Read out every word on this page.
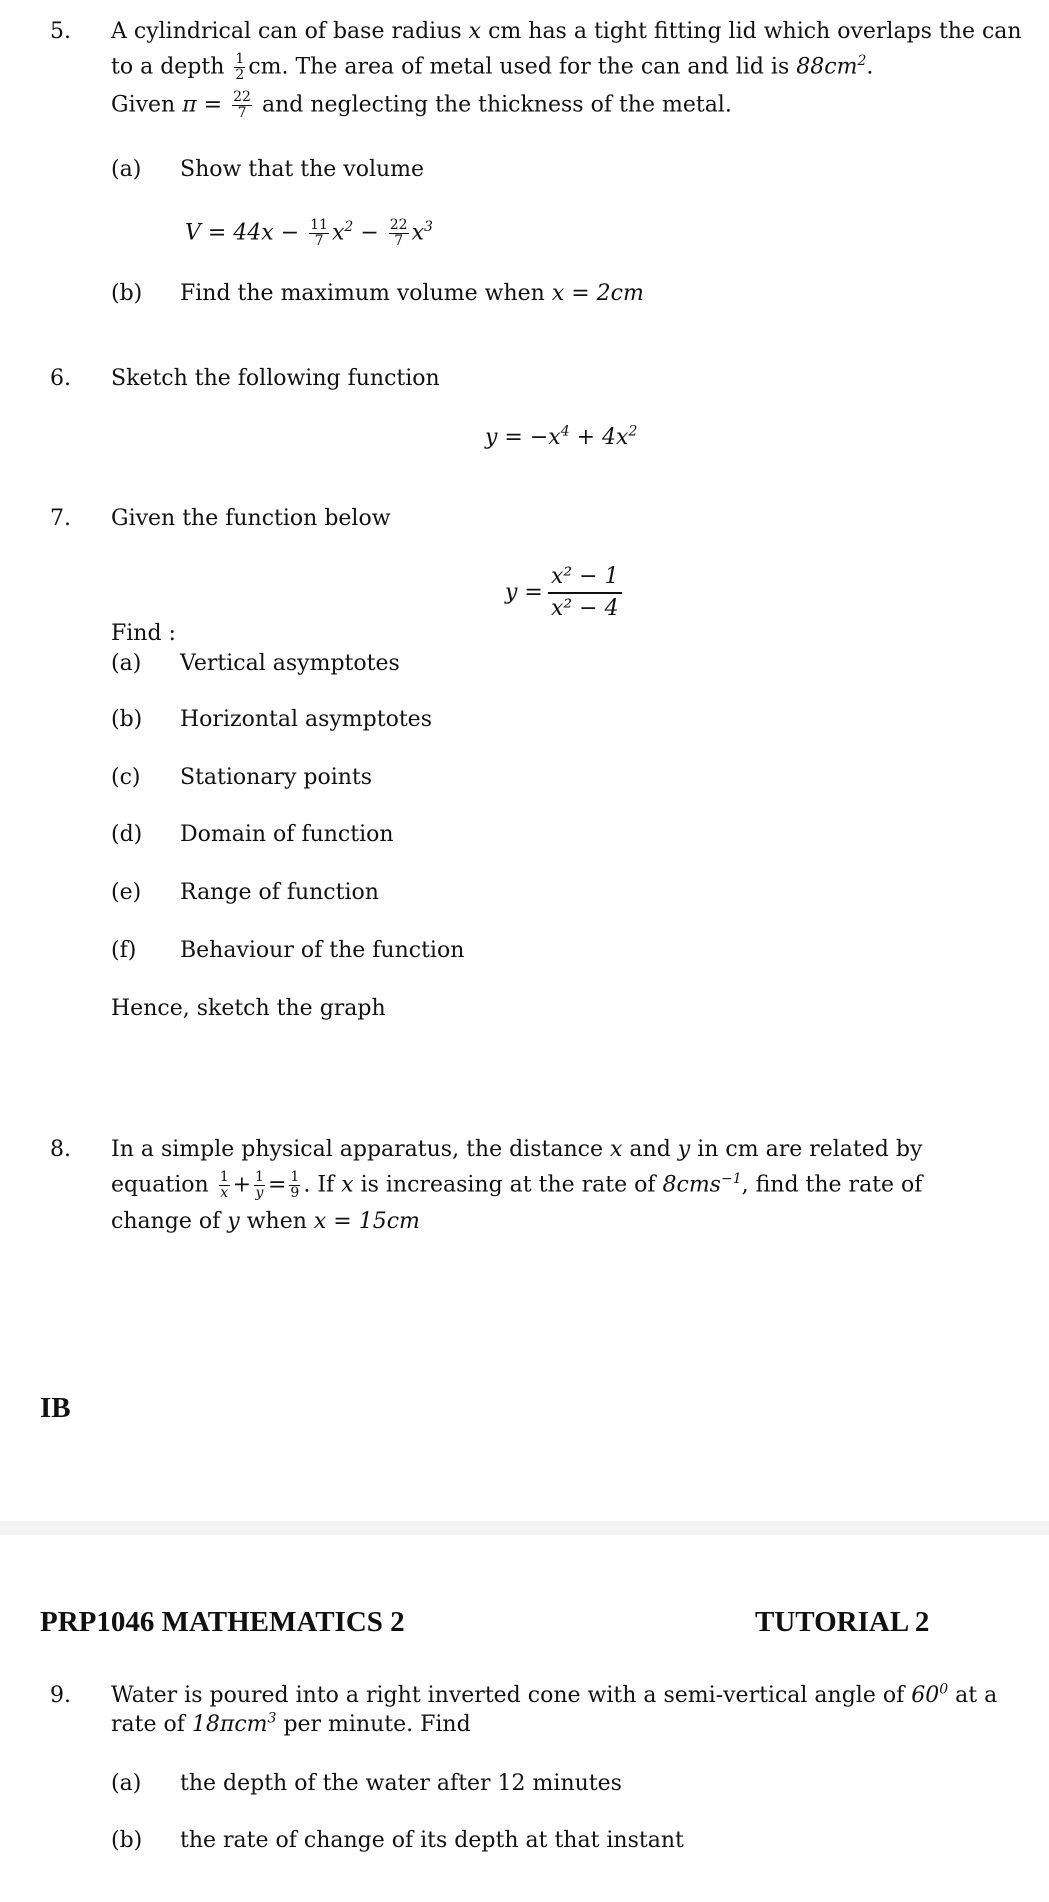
5. A cylindrical can of base radius x cm has a tight fitting lid which overlaps the can
to a depth $\frac{1}{2}$ cm. The area of metal used for the can and lid is $88cm^2$.
Given $\pi = \frac{22}{7}$ and neglecting the thickness of the metal.
(a) Show that the volume
$V = 44x - \frac{11}{7} x^2 - \frac{22}{7} x^3$
(b) Find the maximum volume when x = 2cm
6. Sketch the following function
$y = -x^4 + 4x^2$
7. Given the function below
$y = \frac{\text{x² − 1}}{\text{x² − 4}}$
Find :
(a) Vertical asymptotes
(b) Horizontal asymptotes
(c) Stationary points
(d) Domain of function
(e) Range of function
(f) Behaviour of the function
Hence, sketch the graph
8. In a simple physical apparatus, the distance x and y in cm are related by
equation $\frac{1}{x} + \frac{1}{y} = \frac{1}{9}$ . If x is increasing at the rate of 8cms$^{-1}$, find the rate of
change of y when x = 15cm
IB
PRP1046 MATHEMATICS 2	TUTORIAL 2
9. Water is poured into a right inverted cone with a semi-vertical angle of $60^0$ at a
rate of 18πcm$^3$ per minute. Find
(a) the depth of the water after 12 minutes
(b) the rate of change of its depth at that instant
